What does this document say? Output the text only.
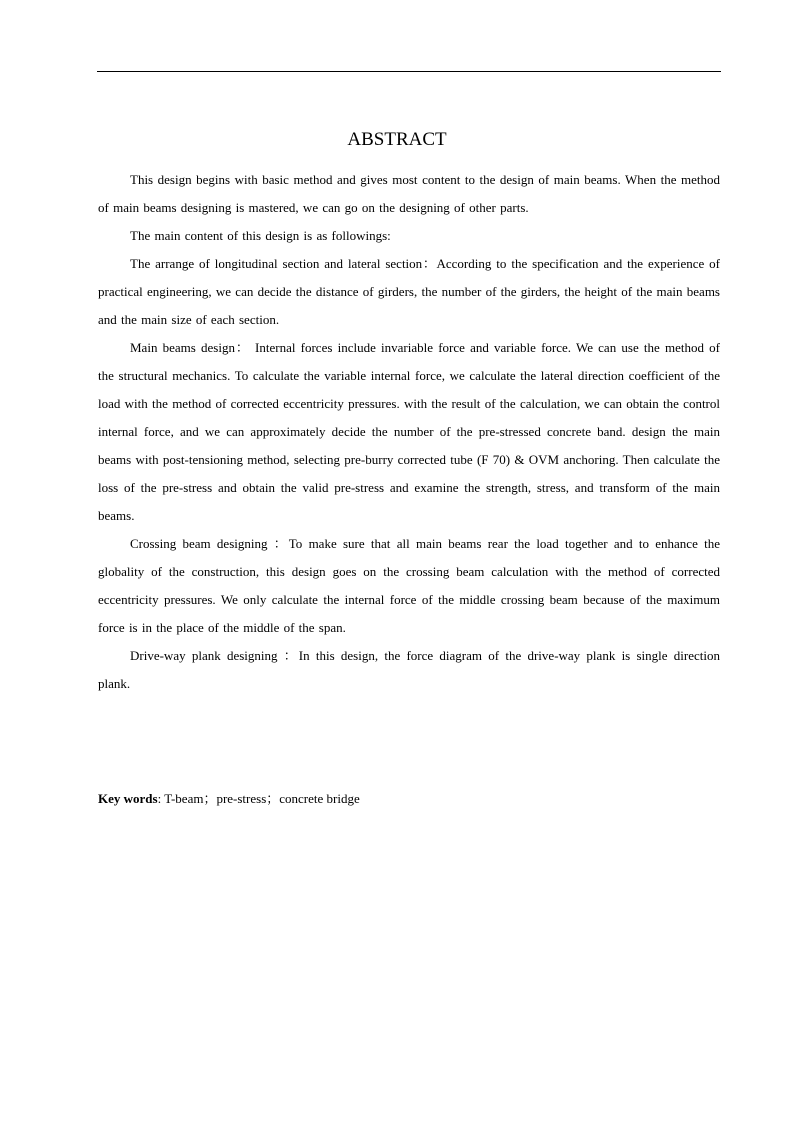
ABSTRACT

This design begins with basic method and gives most content to the design of main beams. When the method of main beams designing is mastered, we can go on the designing of other parts.

The main content of this design is as followings:

The arrange of longitudinal section and lateral section：According to the specification and the experience of practical engineering, we can decide the distance of girders, the number of the girders, the height of the main beams and the main size of each section.

Main beams design： Internal forces include invariable force and variable force. We can use the method of the structural mechanics. To calculate the variable internal force, we calculate the lateral direction coefficient of the load with the method of corrected eccentricity pressures. with the result of the calculation, we can obtain the control internal force, and we can approximately decide the number of the pre-stressed concrete band. design the main beams with post-tensioning method, selecting pre-burry corrected tube (F 70) & OVM anchoring. Then calculate the loss of the pre-stress and obtain the valid pre-stress and examine the strength, stress, and transform of the main beams.

Crossing beam designing ：To make sure that all main beams rear the load together and to enhance the globality of the construction, this design goes on the crossing beam calculation with the method of corrected eccentricity pressures. We only calculate the internal force of the middle crossing beam because of the maximum force is in the place of the middle of the span.

Drive-way plank designing ：In this design, the force diagram of the drive-way plank is single direction plank.

Key words: T-beam；pre-stress；concrete bridge
